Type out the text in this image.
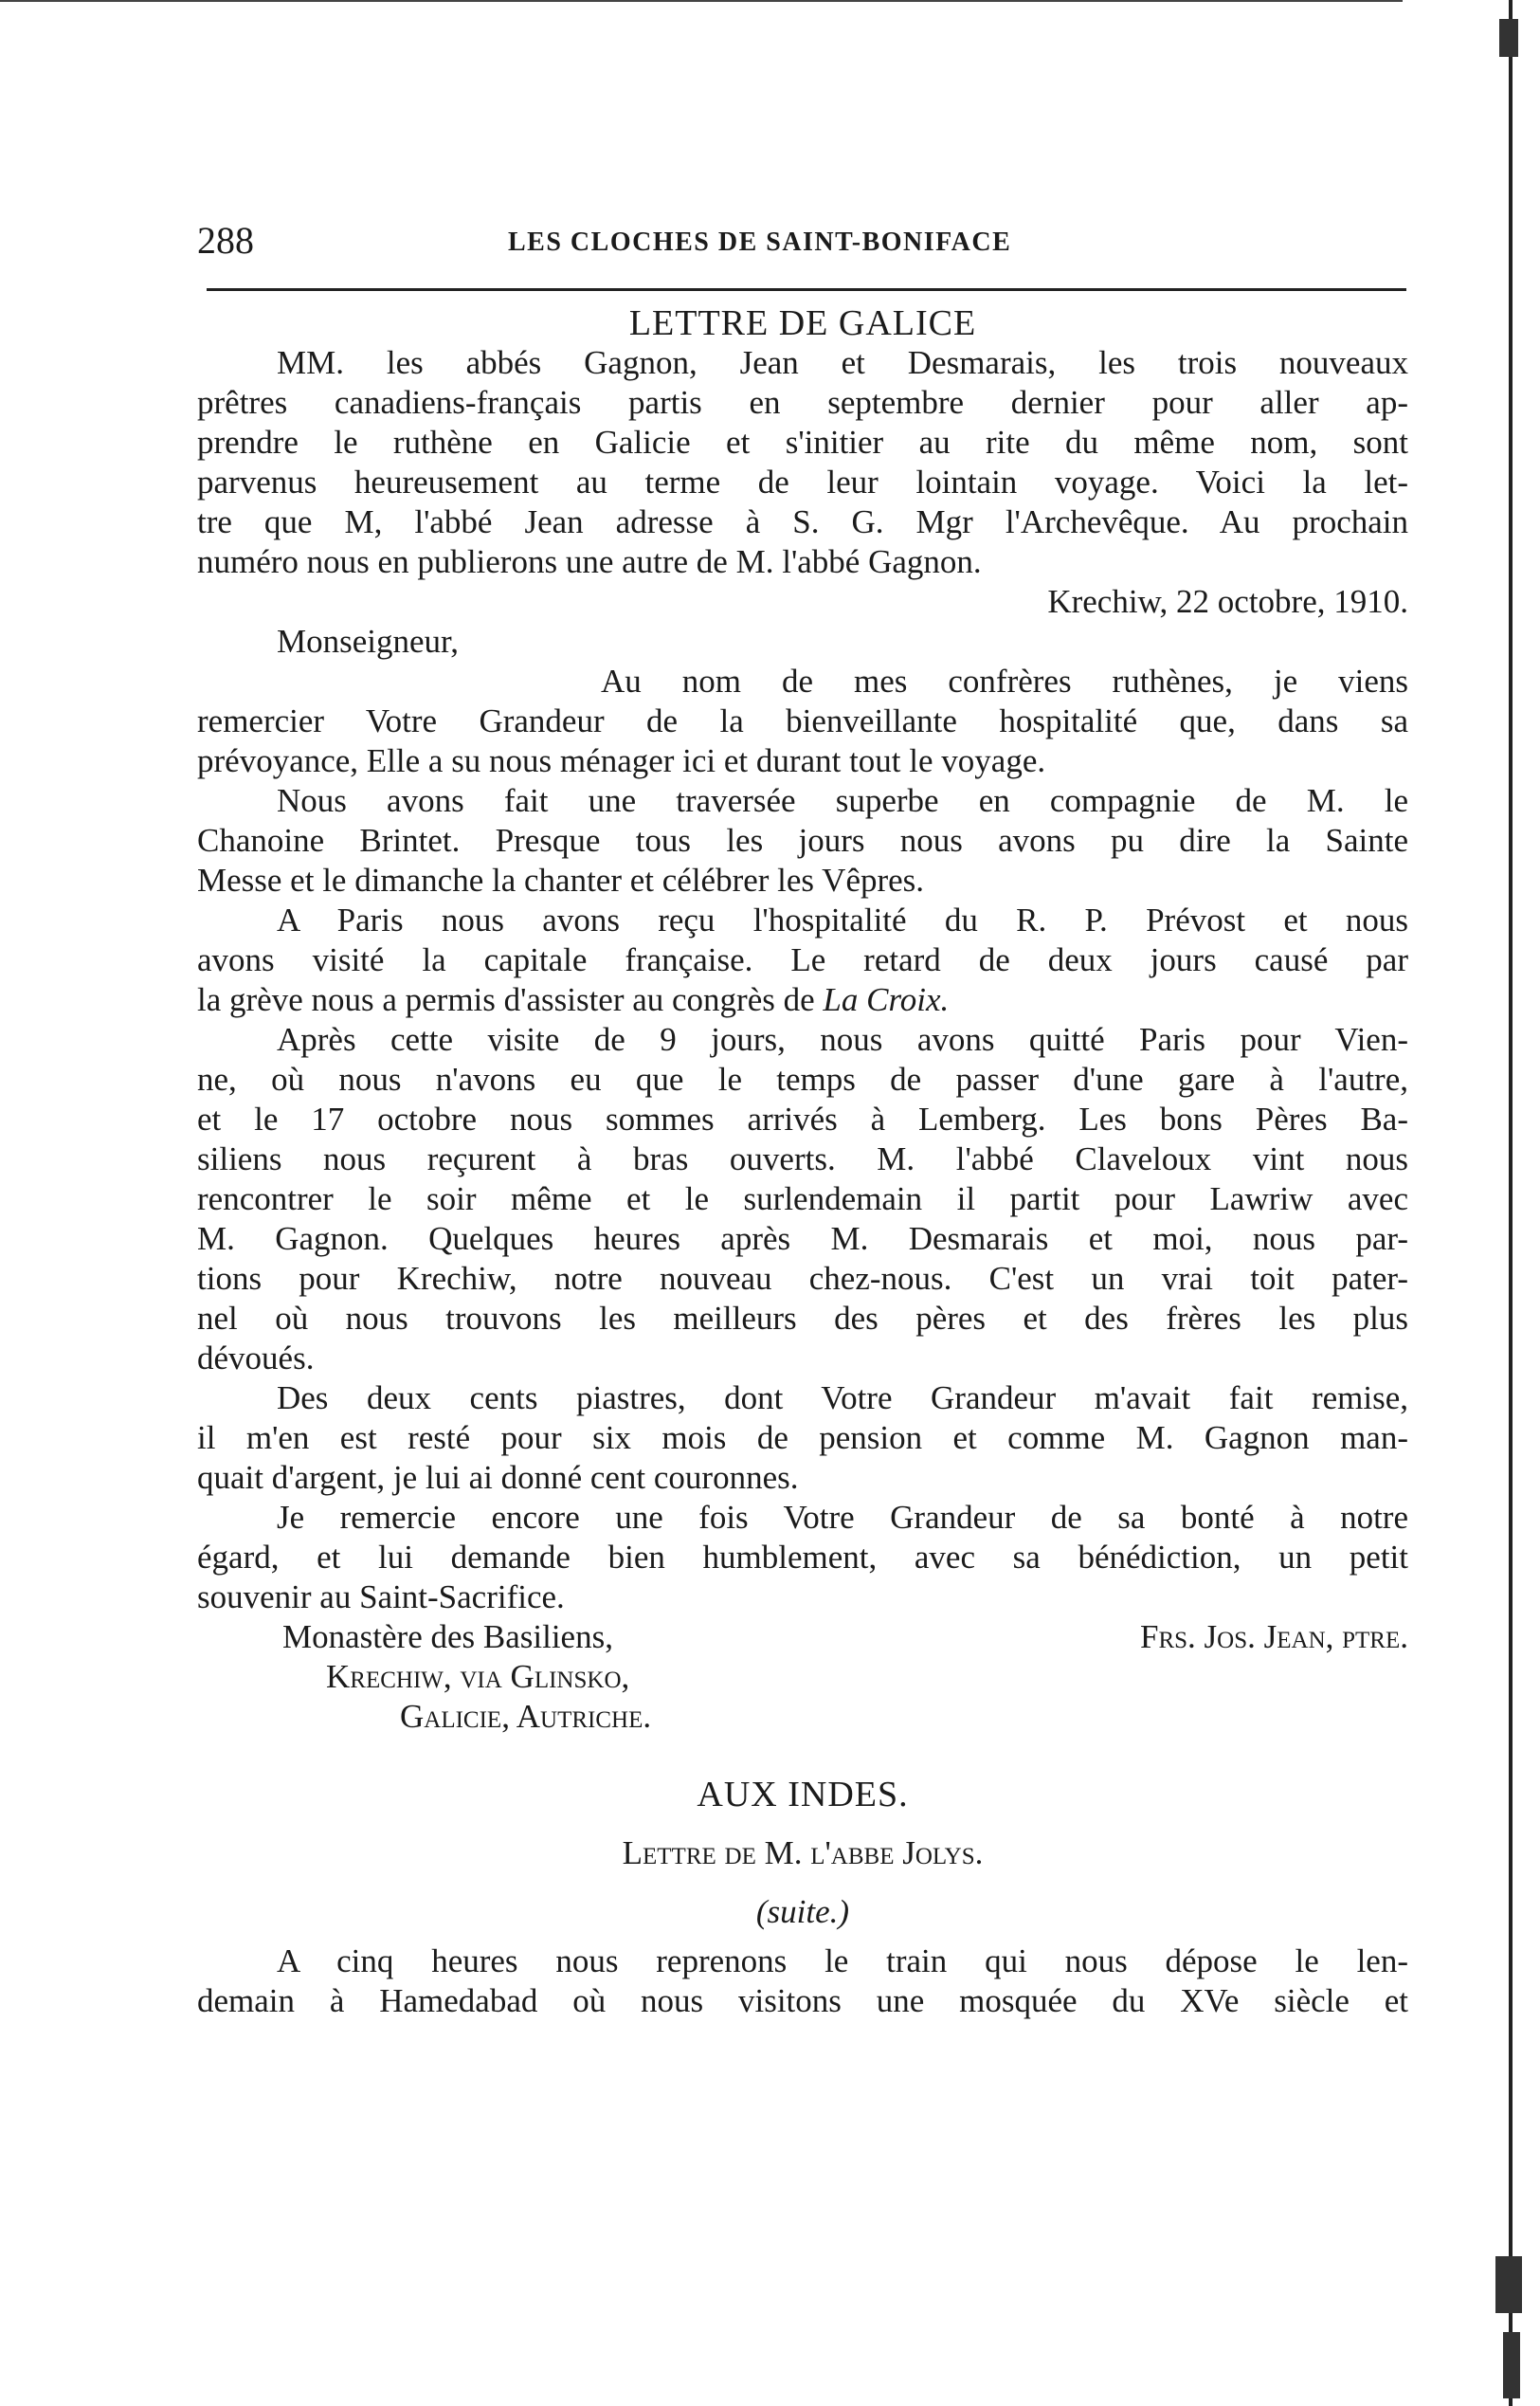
288	LES CLOCHES DE SAINT-BONIFACE
LETTRE DE GALICE
MM. les abbés Gagnon, Jean et Desmarais, les trois nouveaux
prêtres canadiens-français partis en septembre dernier pour aller ap-
prendre le ruthène en Galicie et s'initier au rite du même nom, sont
parvenus heureusement au terme de leur lointain voyage. Voici la let-
tre que M, l'abbé Jean adresse à S. G. Mgr l'Archevêque. Au prochain
numéro nous en publierons une autre de M. l'abbé Gagnon.
Krechiw, 22 octobre, 1910.
Monseigneur,
Au nom de mes confrères ruthènes, je viens
remercier Votre Grandeur de la bienveillante hospitalité que, dans sa
prévoyance, Elle a su nous ménager ici et durant tout le voyage.
Nous avons fait une traversée superbe en compagnie de M. le
Chanoine Brintet. Presque tous les jours nous avons pu dire la Sainte
Messe et le dimanche la chanter et célébrer les Vêpres.
A Paris nous avons reçu l'hospitalité du R. P. Prévost et nous
avons visité la capitale française. Le retard de deux jours causé par
la grève nous a permis d'assister au congrès de La Croix.
Après cette visite de 9 jours, nous avons quitté Paris pour Vien-
ne, où nous n'avons eu que le temps de passer d'une gare à l'autre,
et le 17 octobre nous sommes arrivés à Lemberg. Les bons Pères Ba-
siliens nous reçurent à bras ouverts. M. l'abbé Claveloux vint nous
rencontrer le soir même et le surlendemain il partit pour Lawriw avec
M. Gagnon. Quelques heures après M. Desmarais et moi, nous par-
tions pour Krechiw, notre nouveau chez-nous. C'est un vrai toit pater-
nel où nous trouvons les meilleurs des pères et des frères les plus
dévoués.
Des deux cents piastres, dont Votre Grandeur m'avait fait remise,
il m'en est resté pour six mois de pension et comme M. Gagnon man-
quait d'argent, je lui ai donné cent couronnes.
Je remercie encore une fois Votre Grandeur de sa bonté à notre
égard, et lui demande bien humblement, avec sa bénédiction, un petit
souvenir au Saint-Sacrifice.
Monastère des Basiliens,	Frs. Jos. Jean, ptre.
Krechiw, via Glinsko,
Galicie, Autriche.
AUX INDES.
Lettre de M. l'abbe Jolys.
(suite.)
A cinq heures nous reprenons le train qui nous dépose le len-
demain à Hamedabad où nous visitons une mosquée du XVe siècle et
